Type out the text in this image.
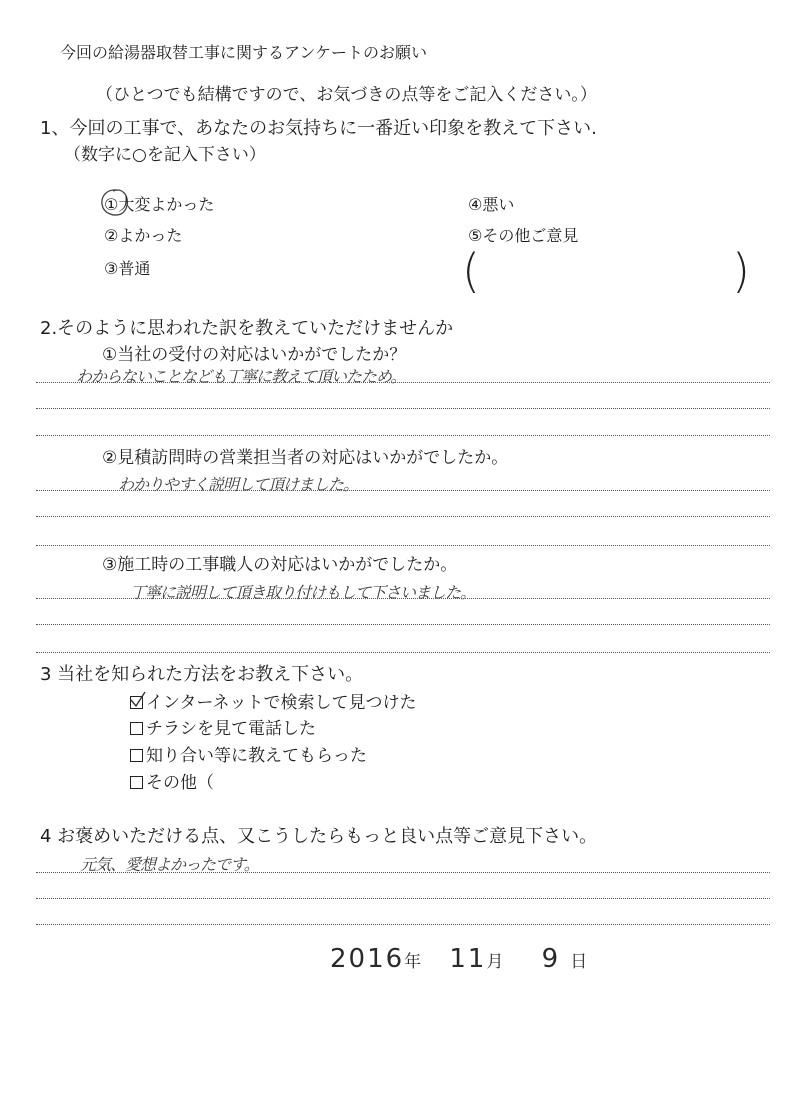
今回の給湯器取替工事に関するアンケートのお願い
（ひとつでも結構ですので、お気づきの点等をご記入ください。）
1、今回の工事で、あなたのお気持ちに一番近い印象を教えて下さい.
（数字に○を記入下さい）
①大変よかった
②よかった
③普通
④悪い
⑤その他ご意見
(	)
2.そのように思われた訳を教えていただけませんか
①当社の受付の対応はいかがでしたか？
わからないことなども丁寧に教えて頂いたため。
②見積訪問時の営業担当者の対応はいかがでしたか。
わかりやすく説明して頂けました。
③施工時の工事職人の対応はいかがでしたか。
丁寧に説明して頂き取り付けもして下さいました。
3 当社を知られた方法をお教え下さい。
インターネットで検索して見つけた
チラシを見て電話した
知り合い等に教えてもらった
その他（
4 お褒めいただける点、又こうしたらもっと良い点等ご意見下さい。
元気、愛想よかったです。
2016年 11月 9 日
